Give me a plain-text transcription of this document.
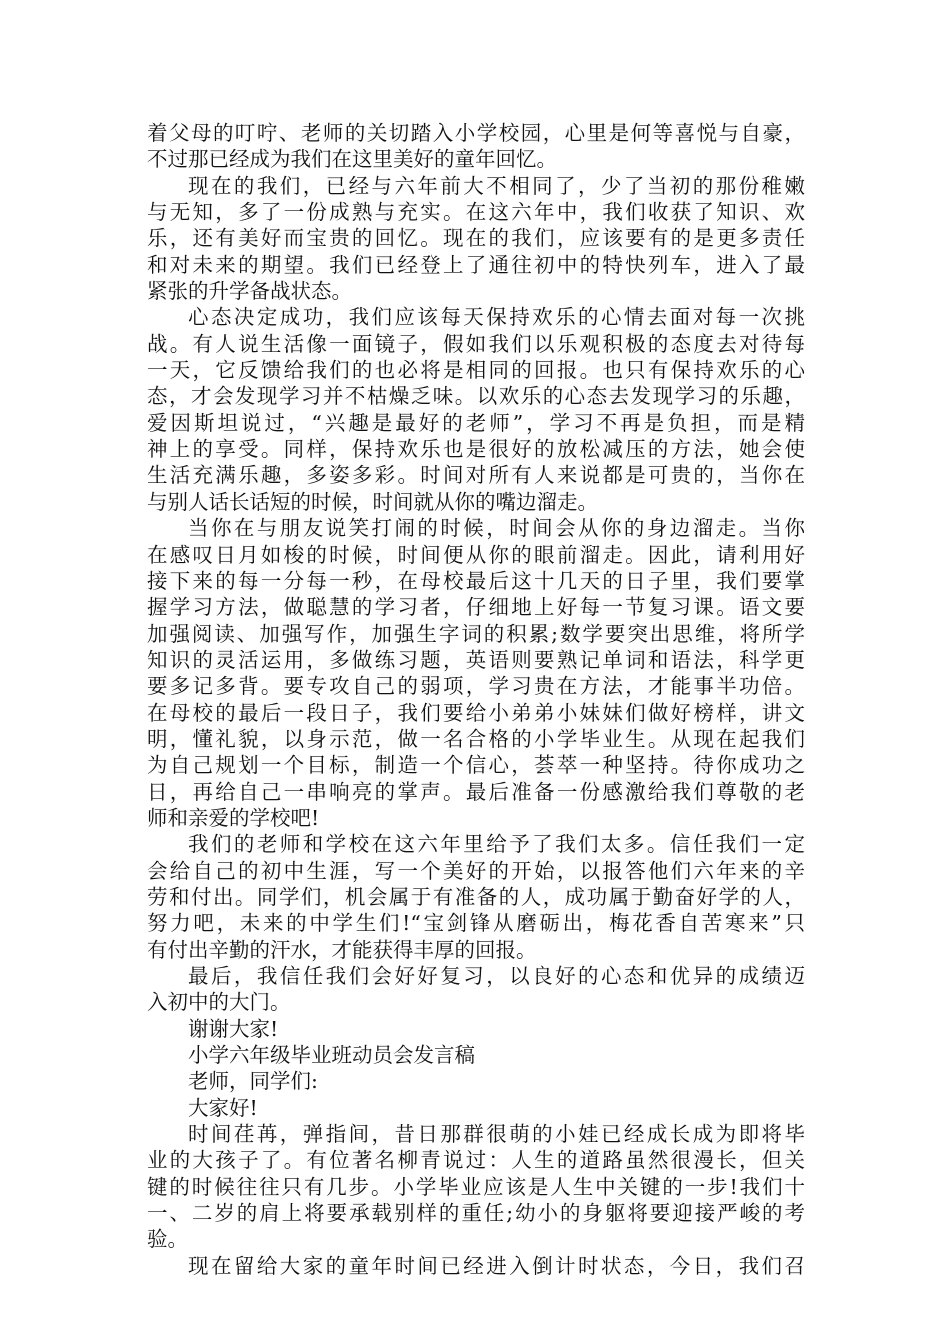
着父母的叮咛、老师的关切踏入小学校园，心里是何等喜悦与自豪，
不过那已经成为我们在这里美好的童年回忆。
现在的我们，已经与六年前大不相同了，少了当初的那份稚嫩
与无知，多了一份成熟与充实。在这六年中，我们收获了知识、欢
乐，还有美好而宝贵的回忆。现在的我们，应该要有的是更多责任
和对未来的期望。我们已经登上了通往初中的特快列车，进入了最
紧张的升学备战状态。
心态决定成功，我们应该每天保持欢乐的心情去面对每一次挑
战。有人说生活像一面镜子，假如我们以乐观积极的态度去对待每
一天，它反馈给我们的也必将是相同的回报。也只有保持欢乐的心
态，才会发现学习并不枯燥乏味。以欢乐的心态去发现学习的乐趣，
爱因斯坦说过，“兴趣是最好的老师”，学习不再是负担，而是精
神上的享受。同样，保持欢乐也是很好的放松减压的方法，她会使
生活充满乐趣，多姿多彩。时间对所有人来说都是可贵的，当你在
与别人话长话短的时候，时间就从你的嘴边溜走。
当你在与朋友说笑打闹的时候，时间会从你的身边溜走。当你
在感叹日月如梭的时候，时间便从你的眼前溜走。因此，请利用好
接下来的每一分每一秒，在母校最后这十几天的日子里，我们要掌
握学习方法，做聪慧的学习者，仔细地上好每一节复习课。语文要
加强阅读、加强写作，加强生字词的积累;数学要突出思维，将所学
知识的灵活运用，多做练习题，英语则要熟记单词和语法，科学更
要多记多背。要专攻自己的弱项，学习贵在方法，才能事半功倍。
在母校的最后一段日子，我们要给小弟弟小妹妹们做好榜样，讲文
明，懂礼貌，以身示范，做一名合格的小学毕业生。从现在起我们
为自己规划一个目标，制造一个信心，荟萃一种坚持。待你成功之
日，再给自己一串响亮的掌声。最后准备一份感激给我们尊敬的老
师和亲爱的学校吧!
我们的老师和学校在这六年里给予了我们太多。信任我们一定
会给自己的初中生涯，写一个美好的开始，以报答他们六年来的辛
劳和付出。同学们，机会属于有准备的人，成功属于勤奋好学的人，
努力吧，未来的中学生们!“宝剑锋从磨砺出，梅花香自苦寒来”只
有付出辛勤的汗水，才能获得丰厚的回报。
最后，我信任我们会好好复习，以良好的心态和优异的成绩迈
入初中的大门。
谢谢大家!
小学六年级毕业班动员会发言稿
老师，同学们:
大家好!
时间荏苒，弹指间，昔日那群很萌的小娃已经成长成为即将毕
业的大孩子了。有位著名柳青说过：人生的道路虽然很漫长，但关
键的时候往往只有几步。小学毕业应该是人生中关键的一步!我们十
一、二岁的肩上将要承载别样的重任;幼小的身躯将要迎接严峻的考
验。
现在留给大家的童年时间已经进入倒计时状态，今日，我们召
